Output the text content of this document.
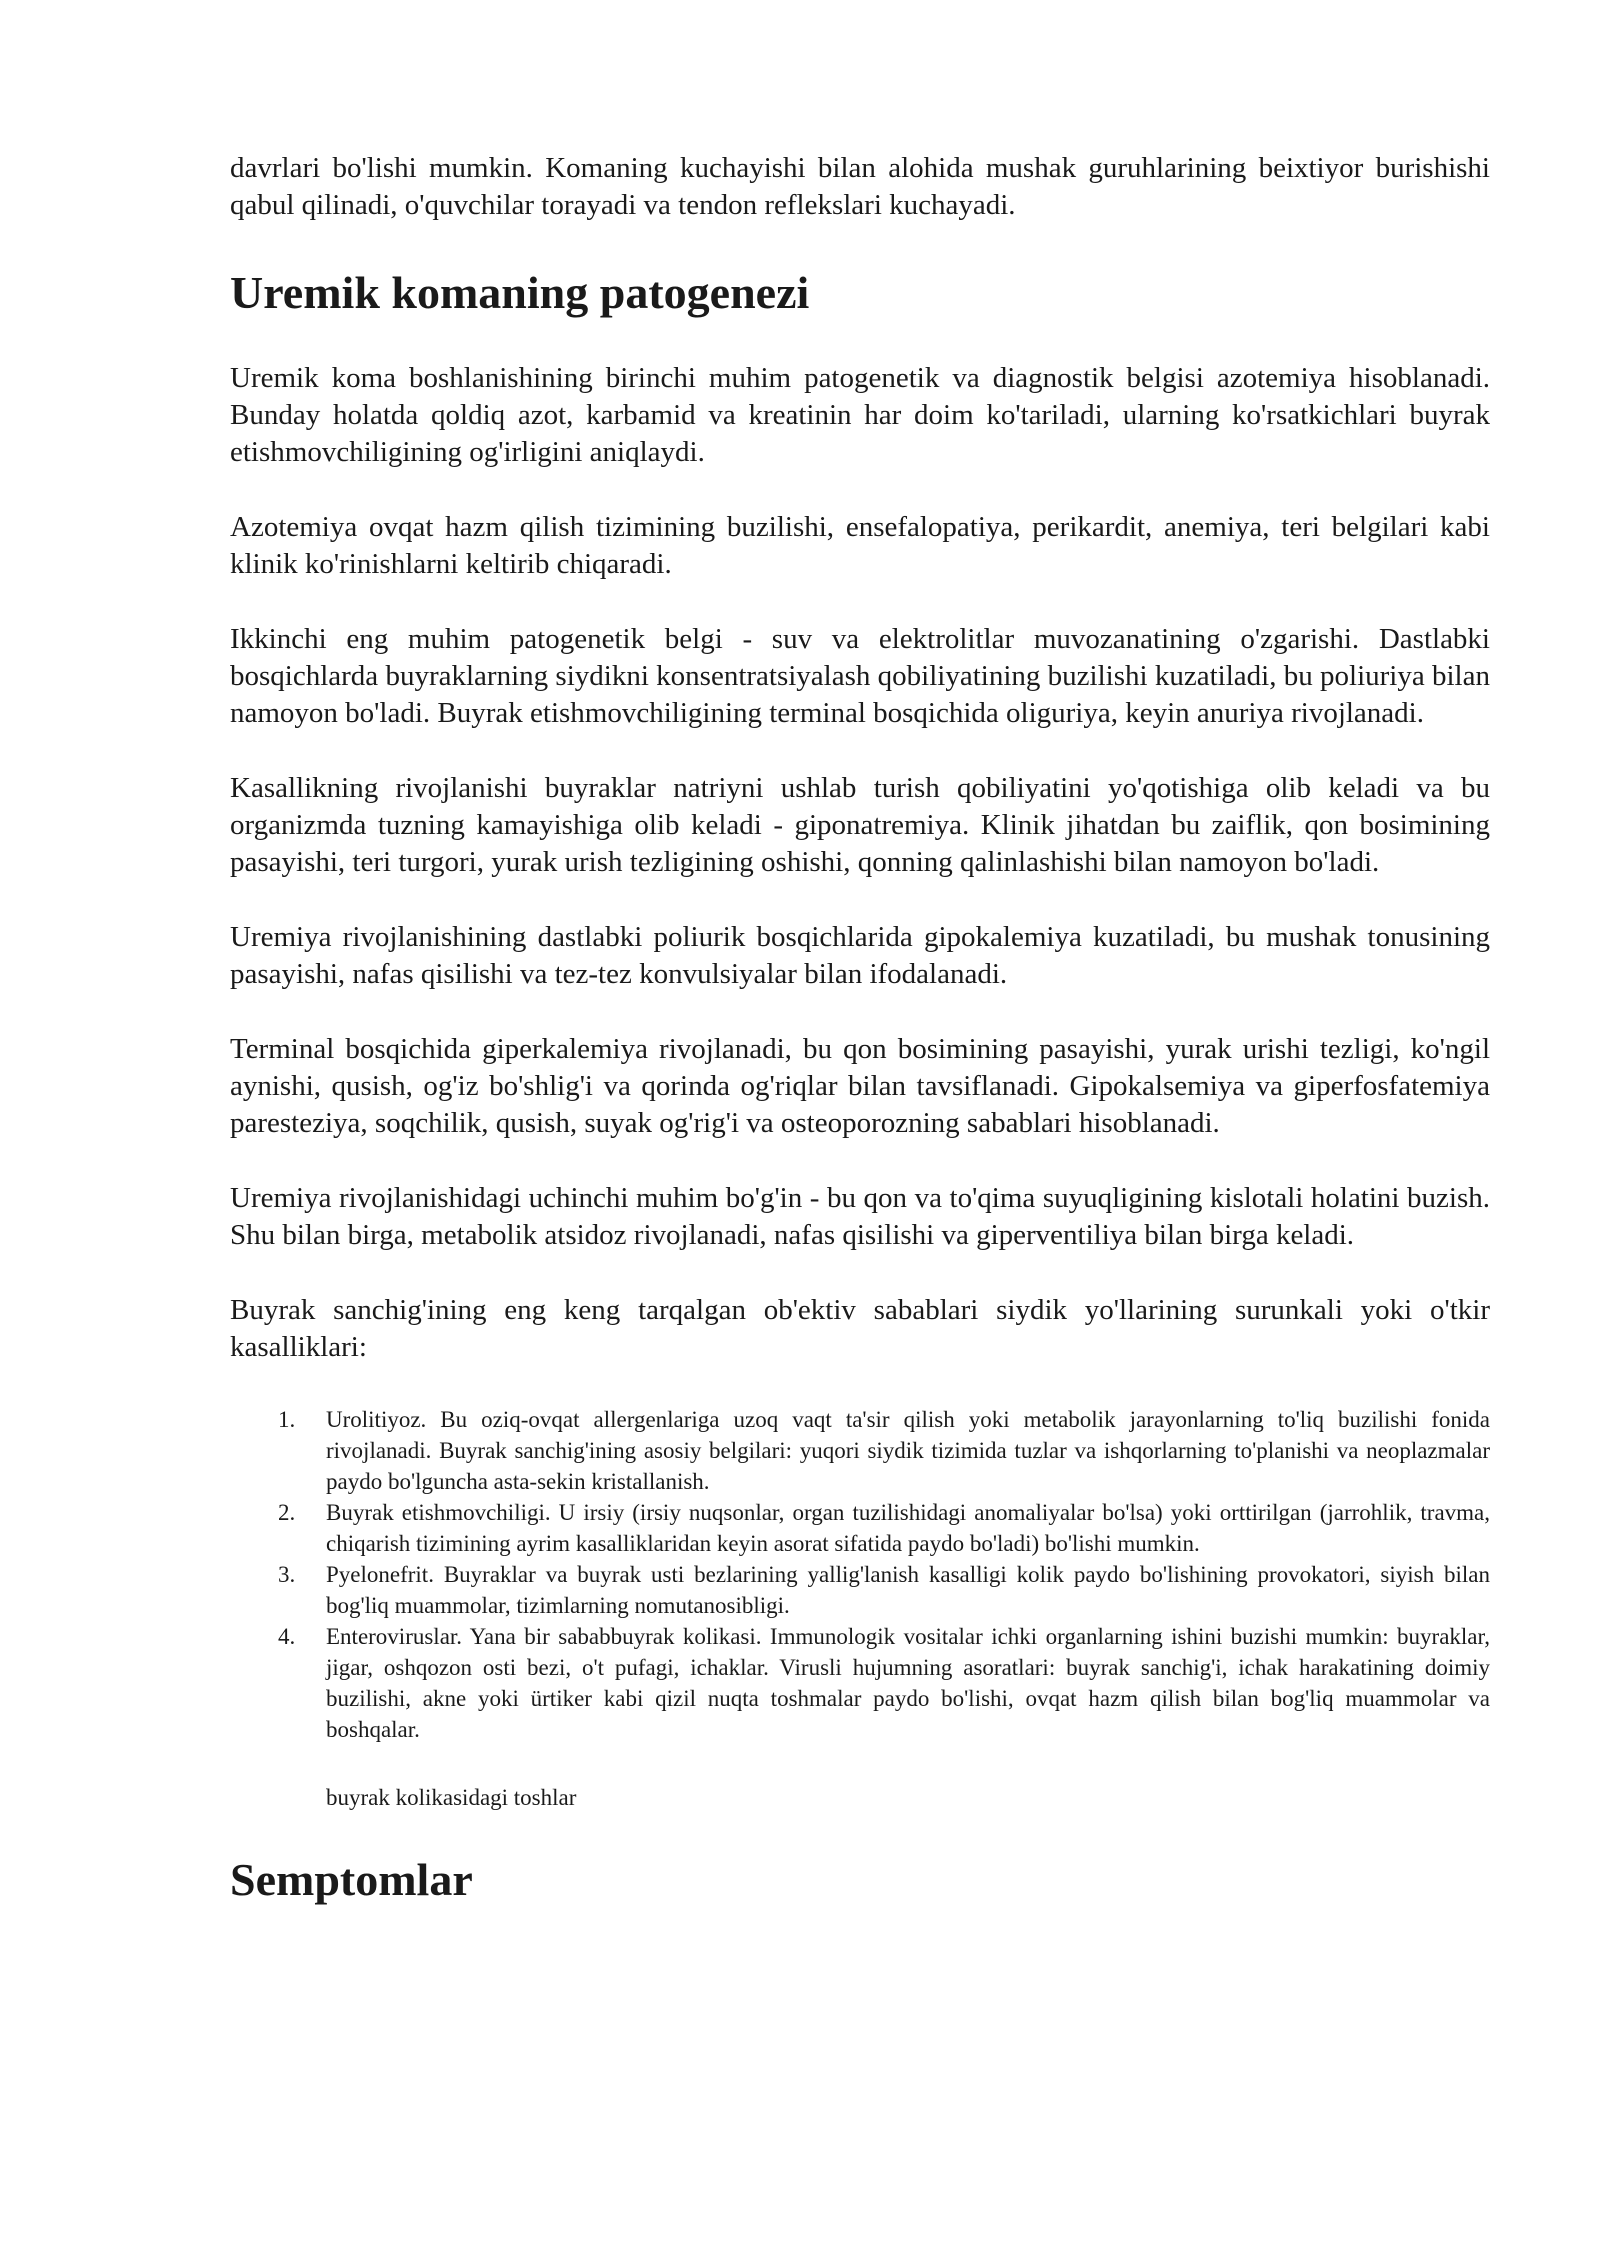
davrlari bo'lishi mumkin. Komaning kuchayishi bilan alohida mushak guruhlarining beixtiyor burishishi qabul qilinadi, o'quvchilar torayadi va tendon reflekslari kuchayadi.

Uremik komaning patogenezi

Uremik koma boshlanishining birinchi muhim patogenetik va diagnostik belgisi azotemiya hisoblanadi. Bunday holatda qoldiq azot, karbamid va kreatinin har doim ko'tariladi, ularning ko'rsatkichlari buyrak etishmovchiligining og'irligini aniqlaydi.

Azotemiya ovqat hazm qilish tizimining buzilishi, ensefalopatiya, perikardit, anemiya, teri belgilari kabi klinik ko'rinishlarni keltirib chiqaradi.

Ikkinchi eng muhim patogenetik belgi - suv va elektrolitlar muvozanatining o'zgarishi. Dastlabki bosqichlarda buyraklarning siydikni konsentratsiyalash qobiliyatining buzilishi kuzatiladi, bu poliuriya bilan namoyon bo'ladi. Buyrak etishmovchiligining terminal bosqichida oliguriya, keyin anuriya rivojlanadi.

Kasallikning rivojlanishi buyraklar natriyni ushlab turish qobiliyatini yo'qotishiga olib keladi va bu organizmda tuzning kamayishiga olib keladi - giponatremiya. Klinik jihatdan bu zaiflik, qon bosimining pasayishi, teri turgori, yurak urish tezligining oshishi, qonning qalinlashishi bilan namoyon bo'ladi.

Uremiya rivojlanishining dastlabki poliurik bosqichlarida gipokalemiya kuzatiladi, bu mushak tonusining pasayishi, nafas qisilishi va tez-tez konvulsiyalar bilan ifodalanadi.

Terminal bosqichida giperkalemiya rivojlanadi, bu qon bosimining pasayishi, yurak urishi tezligi, ko'ngil aynishi, qusish, og'iz bo'shlig'i va qorinda og'riqlar bilan tavsiflanadi. Gipokalsemiya va giperfosfatemiya paresteziya, soqchilik, qusish, suyak og'rig'i va osteoporozning sabablari hisoblanadi.

Uremiya rivojlanishidagi uchinchi muhim bo'g'in - bu qon va to'qima suyuqligining kislotali holatini buzish. Shu bilan birga, metabolik atsidoz rivojlanadi, nafas qisilishi va giperventiliya bilan birga keladi.

Buyrak sanchig'ining eng keng tarqalgan ob'ektiv sabablari siydik yo'llarining surunkali yoki o'tkir kasalliklari:

1. Urolitiyoz. Bu oziq-ovqat allergenlariga uzoq vaqt ta'sir qilish yoki metabolik jarayonlarning to'liq buzilishi fonida rivojlanadi. Buyrak sanchig'ining asosiy belgilari: yuqori siydik tizimida tuzlar va ishqorlarning to'planishi va neoplazmalar paydo bo'lguncha asta-sekin kristallanish.
2. Buyrak etishmovchiligi. U irsiy (irsiy nuqsonlar, organ tuzilishidagi anomaliyalar bo'lsa) yoki orttirilgan (jarrohlik, travma, chiqarish tizimining ayrim kasalliklaridan keyin asorat sifatida paydo bo'ladi) bo'lishi mumkin.
3. Pyelonefrit. Buyraklar va buyrak usti bezlarining yallig'lanish kasalligi kolik paydo bo'lishining provokatori, siyish bilan bog'liq muammolar, tizimlarning nomutanosibligi.
4. Enteroviruslar. Yana bir sababbuyrak kolikasi. Immunologik vositalar ichki organlarning ishini buzishi mumkin: buyraklar, jigar, oshqozon osti bezi, o't pufagi, ichaklar. Virusli hujumning asoratlari: buyrak sanchig'i, ichak harakatining doimiy buzilishi, akne yoki ürtiker kabi qizil nuqta toshmalar paydo bo'lishi, ovqat hazm qilish bilan bog'liq muammolar va boshqalar.
buyrak kolikasidagi toshlar
Semptomlar
